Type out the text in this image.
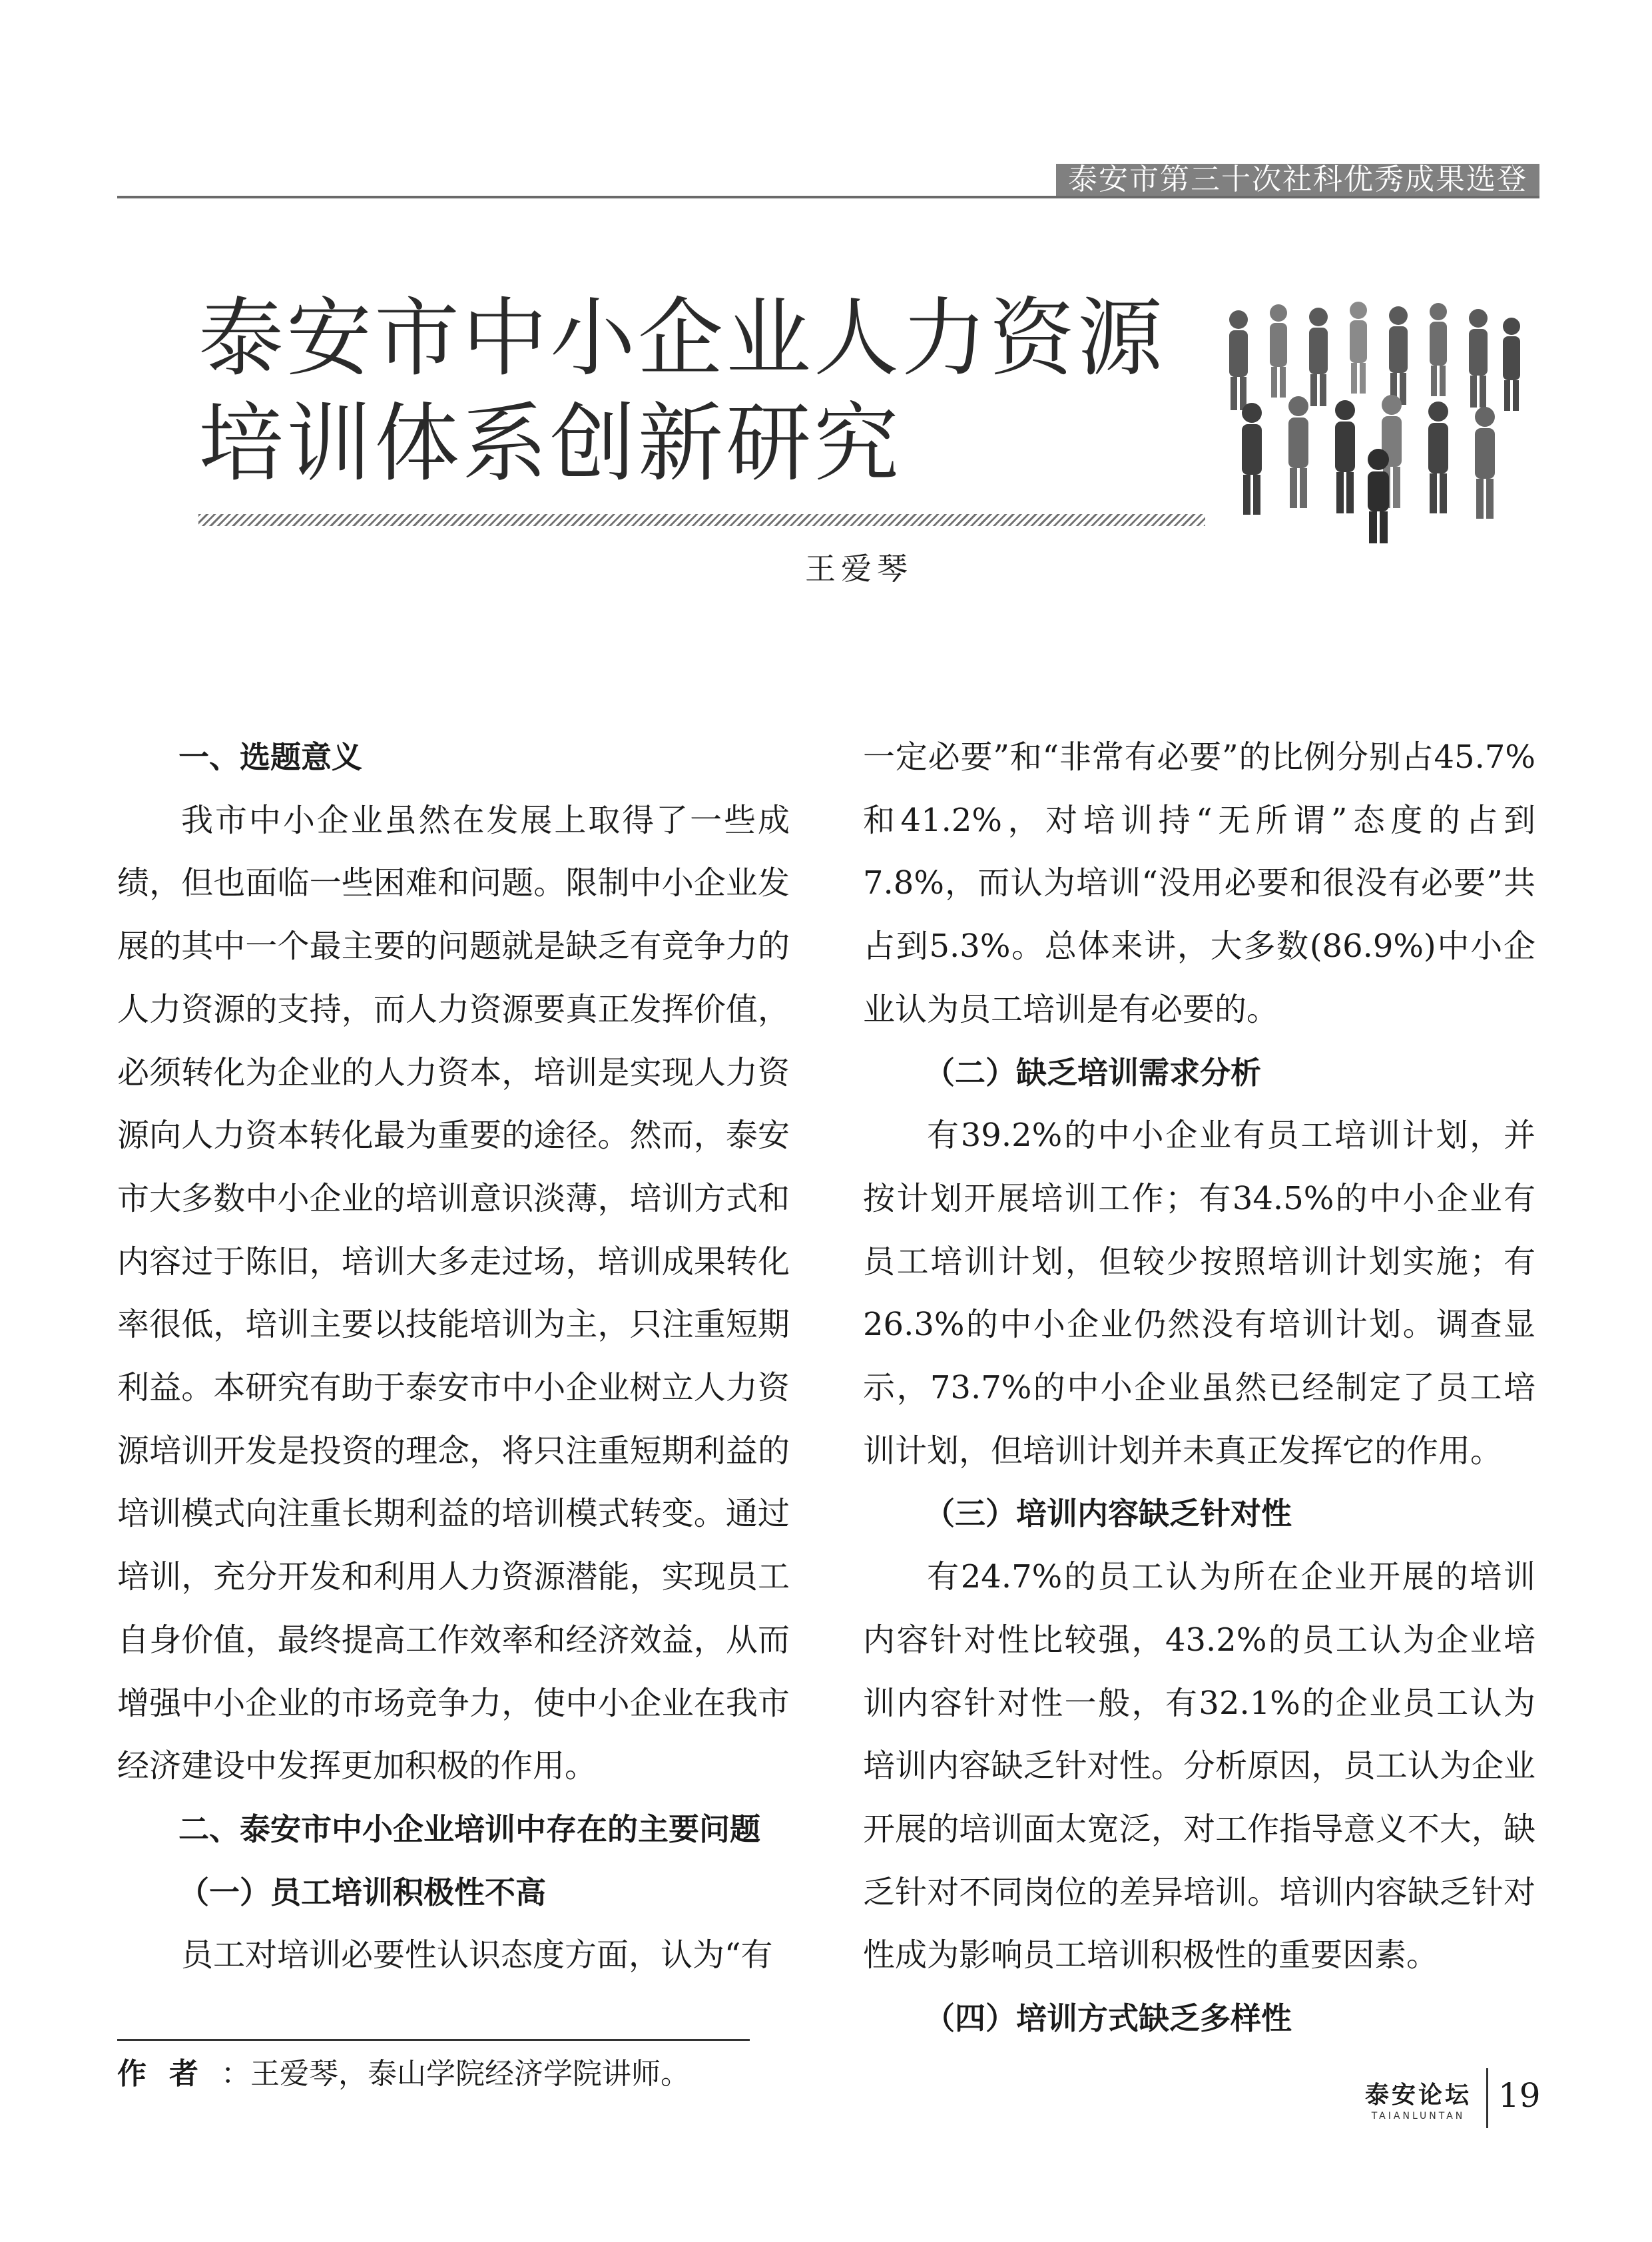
泰安市第三十次社科优秀成果选登
泰安市中小企业人力资源
培训体系创新研究
王爱琴

一、选题意义

我市中小企业虽然在发展上取得了一些成绩，但也面临一些困难和问题。限制中小企业发展的其中一个最主要的问题就是缺乏有竞争力的人力资源的支持，而人力资源要真正发挥价值，必须转化为企业的人力资本，培训是实现人力资源向人力资本转化最为重要的途径。然而，泰安市大多数中小企业的培训意识淡薄，培训方式和内容过于陈旧，培训大多走过场，培训成果转化率很低，培训主要以技能培训为主，只注重短期利益。本研究有助于泰安市中小企业树立人力资源培训开发是投资的理念，将只注重短期利益的培训模式向注重长期利益的培训模式转变。通过培训，充分开发和利用人力资源潜能，实现员工自身价值，最终提高工作效率和经济效益，从而增强中小企业的市场竞争力，使中小企业在我市经济建设中发挥更加积极的作用。

二、泰安市中小企业培训中存在的主要问题

（一）员工培训积极性不高

员工对培训必要性认识态度方面，认为“有

一定必要”和“非常有必要”的比例分别占45.7%和41.2%，对培训持“无所谓”态度的占到7.8%，而认为培训“没用必要和很没有必要”共占到5.3%。总体来讲，大多数(86.9%)中小企业认为员工培训是有必要的。

（二）缺乏培训需求分析

有39.2%的中小企业有员工培训计划，并按计划开展培训工作；有34.5%的中小企业有员工培训计划，但较少按照培训计划实施；有26.3%的中小企业仍然没有培训计划。调查显示，73.7%的中小企业虽然已经制定了员工培训计划，但培训计划并未真正发挥它的作用。

（三）培训内容缺乏针对性

有24.7%的员工认为所在企业开展的培训内容针对性比较强，43.2%的员工认为企业培训内容针对性一般，有32.1%的企业员工认为培训内容缺乏针对性。分析原因，员工认为企业开展的培训面太宽泛，对工作指导意义不大，缺乏针对不同岗位的差异培训。培训内容缺乏针对性成为影响员工培训积极性的重要因素。

（四）培训方式缺乏多样性

作者：王爱琴，泰山学院经济学院讲师。
泰安论坛
TAIANLUNTAN
19
